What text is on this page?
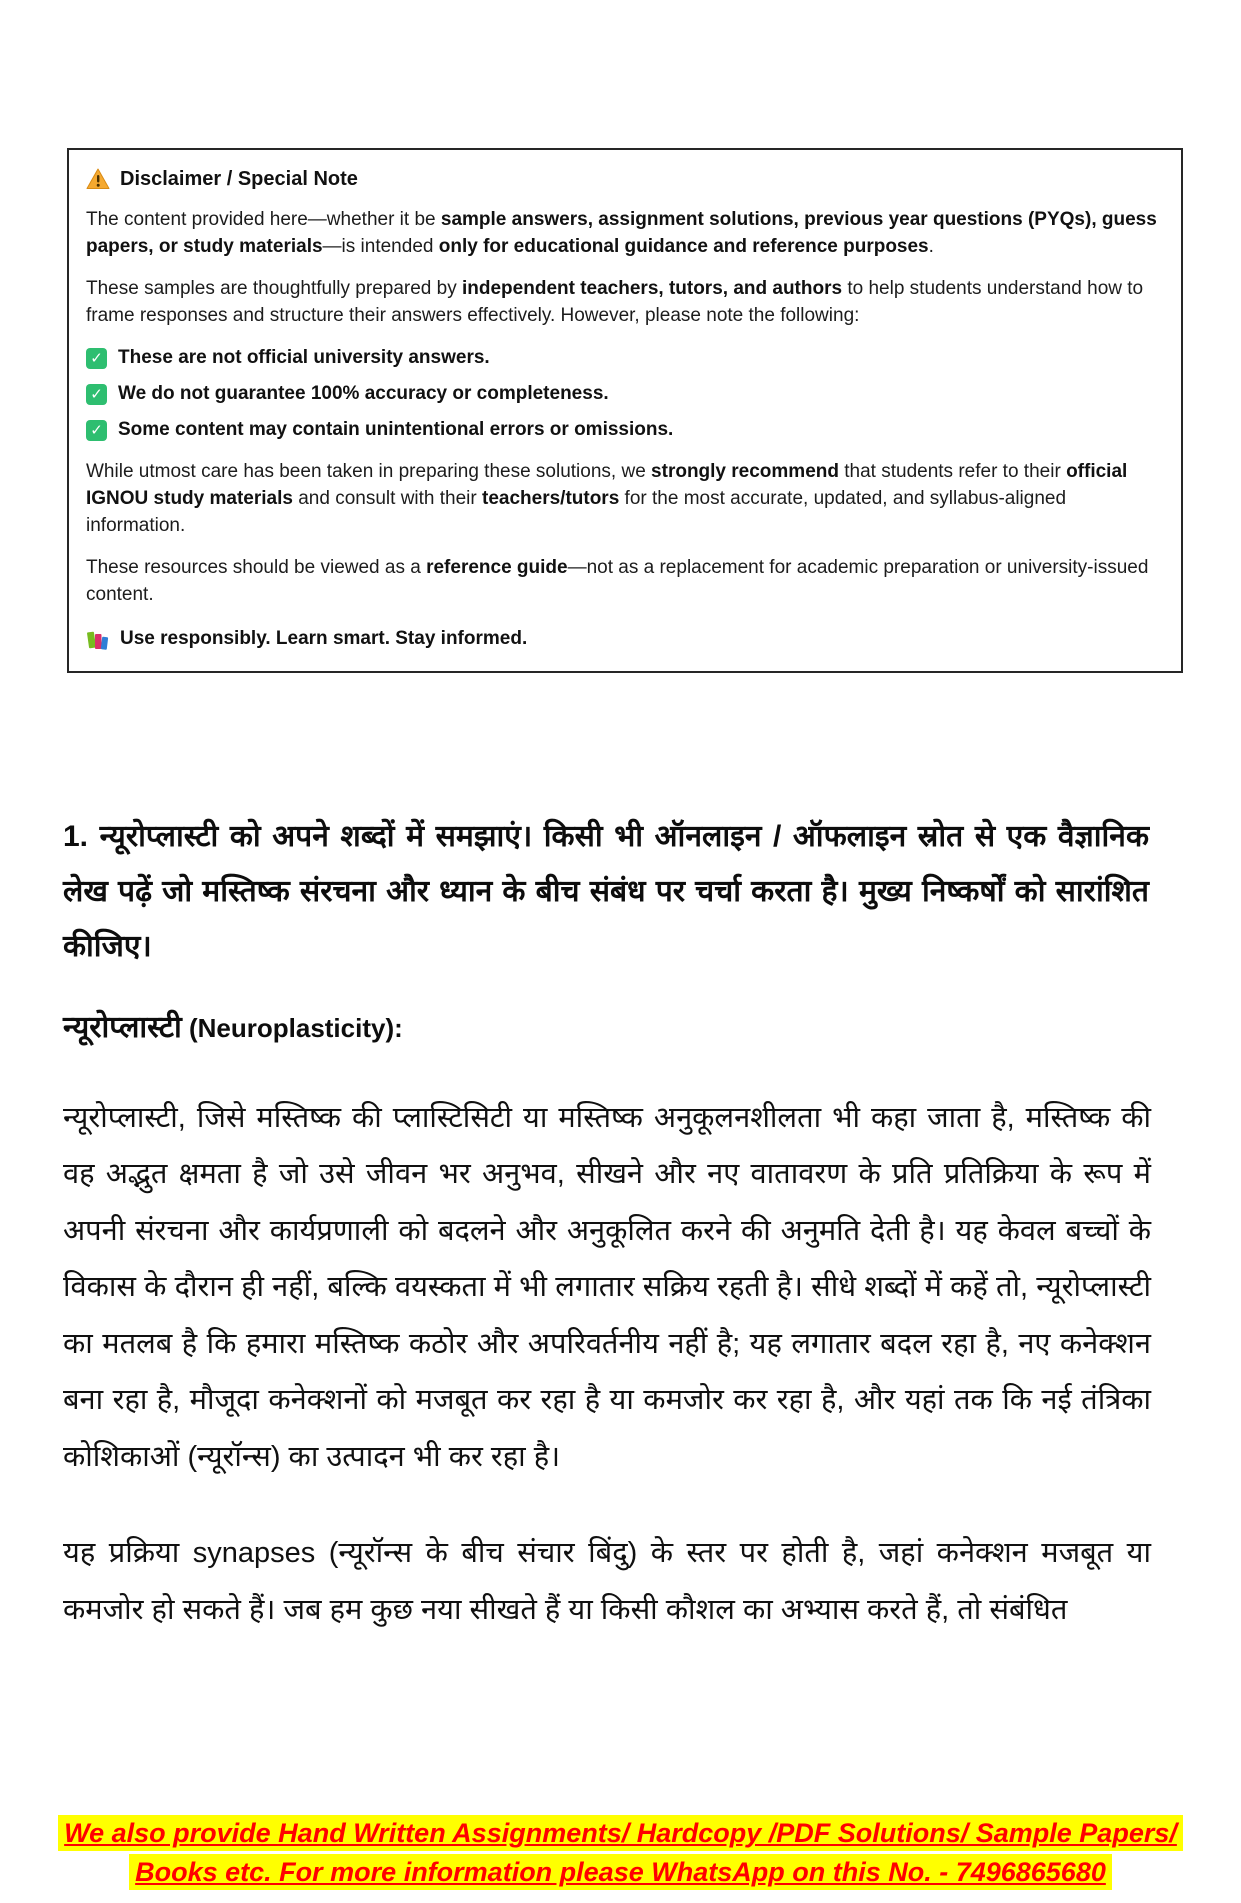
Disclaimer / Special Note

The content provided here—whether it be sample answers, assignment solutions, previous year questions (PYQs), guess papers, or study materials—is intended only for educational guidance and reference purposes.

These samples are thoughtfully prepared by independent teachers, tutors, and authors to help students understand how to frame responses and structure their answers effectively. However, please note the following:

✓ These are not official university answers.
✓ We do not guarantee 100% accuracy or completeness.
✓ Some content may contain unintentional errors or omissions.

While utmost care has been taken in preparing these solutions, we strongly recommend that students refer to their official IGNOU study materials and consult with their teachers/tutors for the most accurate, updated, and syllabus-aligned information.

These resources should be viewed as a reference guide—not as a replacement for academic preparation or university-issued content.

Use responsibly. Learn smart. Stay informed.
1. न्यूरोप्लास्टी को अपने शब्दों में समझाएं। किसी भी ऑनलाइन / ऑफलाइन स्रोत से एक वैज्ञानिक लेख पढ़ें जो मस्तिष्क संरचना और ध्यान के बीच संबंध पर चर्चा करता है। मुख्य निष्कर्षों को सारांशित कीजिए।
न्यूरोप्लास्टी (Neuroplasticity):
न्यूरोप्लास्टी, जिसे मस्तिष्क की प्लास्टिसिटी या मस्तिष्क अनुकूलनशीलता भी कहा जाता है, मस्तिष्क की वह अद्भुत क्षमता है जो उसे जीवन भर अनुभव, सीखने और नए वातावरण के प्रति प्रतिक्रिया के रूप में अपनी संरचना और कार्यप्रणाली को बदलने और अनुकूलित करने की अनुमति देती है। यह केवल बच्चों के विकास के दौरान ही नहीं, बल्कि वयस्कता में भी लगातार सक्रिय रहती है। सीधे शब्दों में कहें तो, न्यूरोप्लास्टी का मतलब है कि हमारा मस्तिष्क कठोर और अपरिवर्तनीय नहीं है; यह लगातार बदल रहा है, नए कनेक्शन बना रहा है, मौजूदा कनेक्शनों को मजबूत कर रहा है या कमजोर कर रहा है, और यहां तक कि नई तंत्रिका कोशिकाओं (न्यूरॉन्स) का उत्पादन भी कर रहा है।
यह प्रक्रिया synapses (न्यूरॉन्स के बीच संचार बिंदु) के स्तर पर होती है, जहां कनेक्शन मजबूत या कमजोर हो सकते हैं। जब हम कुछ नया सीखते हैं या किसी कौशल का अभ्यास करते हैं, तो संबंधित
We also provide Hand Written Assignments/ Hardcopy /PDF Solutions/ Sample Papers/
Books etc. For more information please WhatsApp on this No. - 7496865680
